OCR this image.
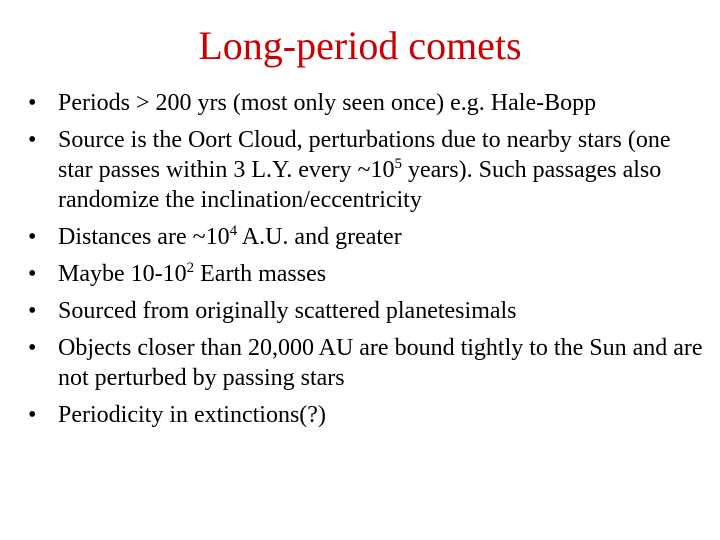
Long-period comets
• Periods > 200 yrs (most only seen once) e.g. Hale-Bopp
• Source is the Oort Cloud, perturbations due to nearby stars (one star passes within 3 L.Y. every $\sim 10^5$ years). Such passages also randomize the inclination/eccentricity
• Distances are $\sim 10^4$ A.U. and greater
• Maybe $10-10^2$ Earth masses
• Sourced from originally scattered planetesimals
• Objects closer than 20,000 AU are bound tightly to the Sun and are not perturbed by passing stars
• Periodicity in extinctions(?)
